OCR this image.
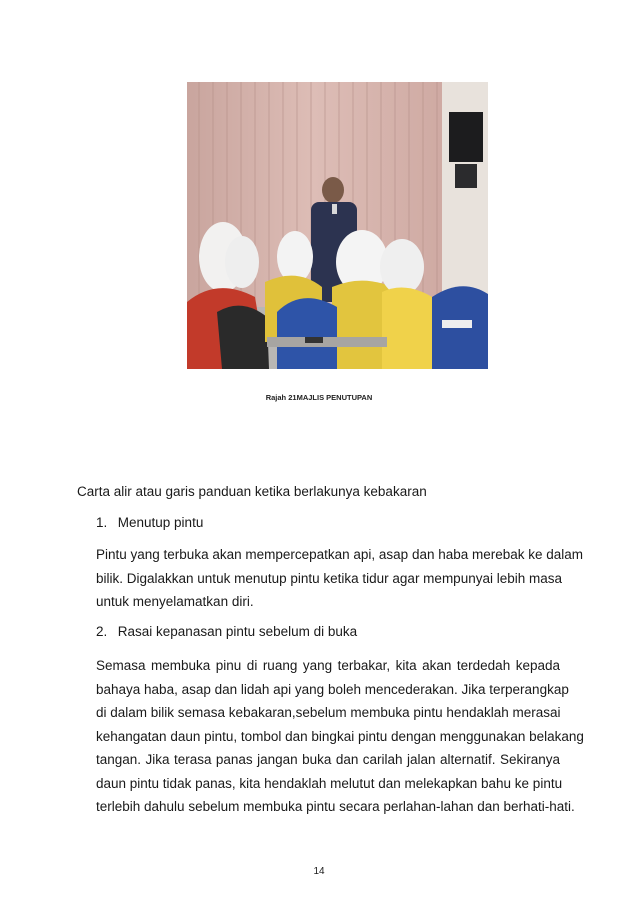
Rajah 21MAJLIS PENUTUPAN
Carta alir atau garis panduan ketika berlakunya kebakaran
1. Menutup pintu
Pintu yang terbuka akan mempercepatkan api, asap dan haba merebak ke dalam
bilik. Digalakkan untuk menutup pintu ketika tidur agar mempunyai lebih masa
untuk menyelamatkan diri.
2. Rasai kepanasan pintu sebelum di buka
Semasa membuka pinu di ruang yang terbakar, kita akan terdedah kepada
bahaya haba, asap dan lidah api yang boleh mencederakan. Jika terperangkap
di dalam bilik semasa kebakaran,sebelum membuka pintu hendaklah merasai
kehangatan daun pintu, tombol dan bingkai pintu dengan menggunakan belakang
tangan. Jika terasa panas jangan buka dan carilah jalan alternatif. Sekiranya
daun pintu tidak panas, kita hendaklah melutut dan melekapkan bahu ke pintu
terlebih dahulu sebelum membuka pintu secara perlahan-lahan dan berhati-hati.
14
